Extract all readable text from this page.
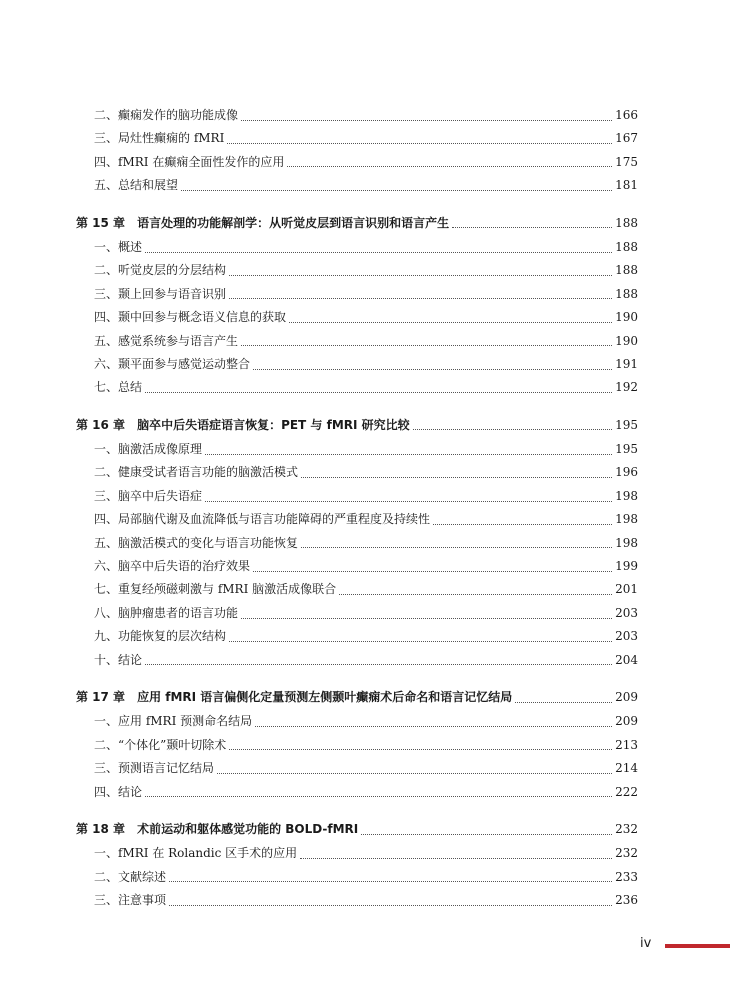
二、癫痫发作的脑功能成像	166
三、局灶性癫痫的 fMRI	167
四、fMRI 在癫痫全面性发作的应用	175
五、总结和展望	181
第 15 章 语言处理的功能解剖学：从听觉皮层到语言识别和语言产生	188
一、概述	188
二、听觉皮层的分层结构	188
三、颞上回参与语音识别	188
四、颞中回参与概念语义信息的获取	190
五、感觉系统参与语言产生	190
六、颞平面参与感觉运动整合	191
七、总结	192
第 16 章 脑卒中后失语症语言恢复：PET 与 fMRI 研究比较	195
一、脑激活成像原理	195
二、健康受试者语言功能的脑激活模式	196
三、脑卒中后失语症	198
四、局部脑代谢及血流降低与语言功能障碍的严重程度及持续性	198
五、脑激活模式的变化与语言功能恢复	198
六、脑卒中后失语的治疗效果	199
七、重复经颅磁刺激与 fMRI 脑激活成像联合	201
八、脑肿瘤患者的语言功能	203
九、功能恢复的层次结构	203
十、结论	204
第 17 章 应用 fMRI 语言偏侧化定量预测左侧颞叶癫痫术后命名和语言记忆结局	209
一、应用 fMRI 预测命名结局	209
二、“个体化”颞叶切除术	213
三、预测语言记忆结局	214
四、结论	222
第 18 章 术前运动和躯体感觉功能的 BOLD-fMRI	232
一、fMRI 在 Rolandic 区手术的应用	232
二、文献综述	233
三、注意事项	236
iv
